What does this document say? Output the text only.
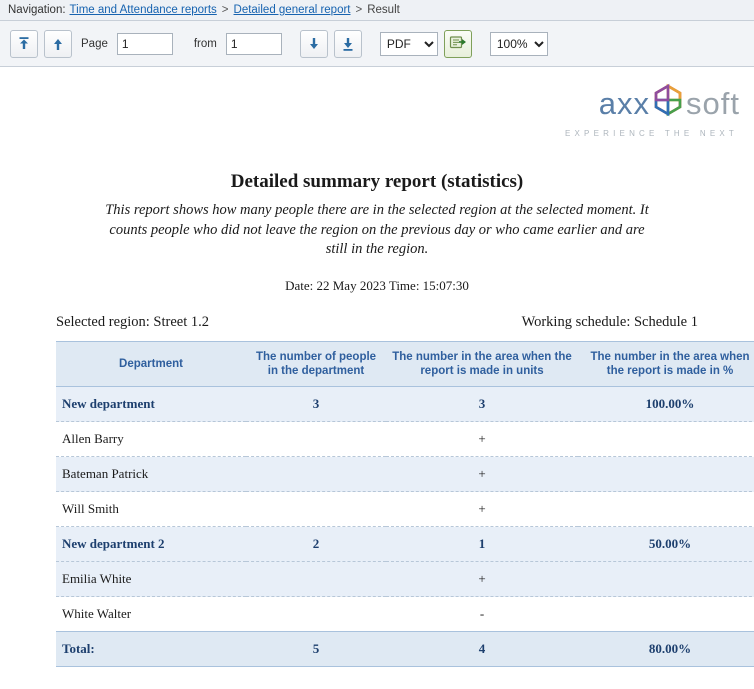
Navigation: Time and Attendance reports > Detailed general report > Result
Page
1	from
1
PDF
100%
axx soft
EXPERIENCE THE NEXT
Detailed summary report (statistics)
This report shows how many people there are in the selected region at the selected moment. It counts people who did not leave the region on the previous day or who came earlier and are still in the region.
Date: 22 May 2023 Time: 15:07:30
Selected region: Street 1.2	Working schedule: Schedule 1
Department	The number of people in the department	The number in the area when the report is made in units	The number in the area when the report is made in %
New department	3	3	100.00%
Allen Barry		+	
Bateman Patrick		+	
Will Smith		+	
New department 2	2	1	50.00%
Emilia White		+	
White Walter		-	
Total:	5	4	80.00%
